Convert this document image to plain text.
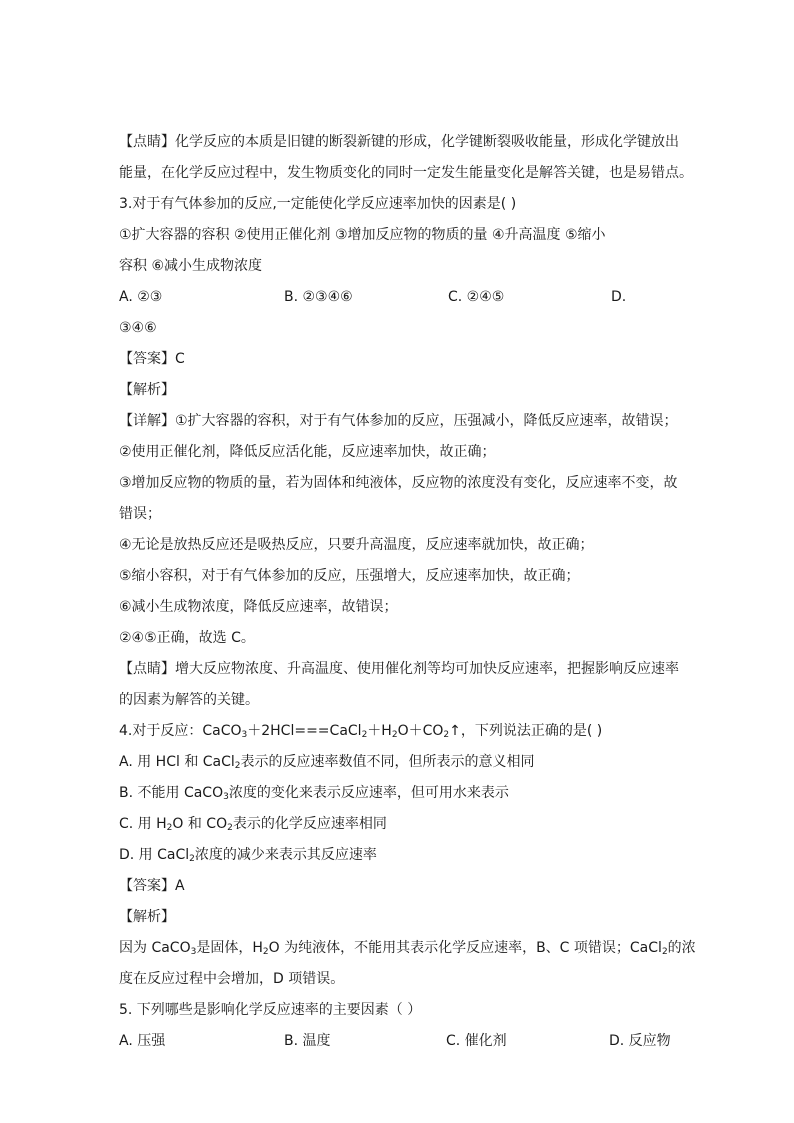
【点睛】化学反应的本质是旧键的断裂新键的形成，化学键断裂吸收能量，形成化学键放出
能量，在化学反应过程中，发生物质变化的同时一定发生能量变化是解答关键，也是易错点。
3.对于有气体参加的反应,一定能使化学反应速率加快的因素是( )
①扩大容器的容积 ②使用正催化剂 ③增加反应物的物质的量 ④升高温度 ⑤缩小
容积 ⑥减小生成物浓度
A. ②③	B. ②③④⑥	C. ②④⑤	D.
③④⑥
【答案】C
【解析】
【详解】①扩大容器的容积，对于有气体参加的反应，压强减小，降低反应速率，故错误；
②使用正催化剂，降低反应活化能，反应速率加快，故正确；
③增加反应物的物质的量，若为固体和纯液体，反应物的浓度没有变化，反应速率不变，故
错误；
④无论是放热反应还是吸热反应，只要升高温度，反应速率就加快，故正确；
⑤缩小容积，对于有气体参加的反应，压强增大，反应速率加快，故正确；
⑥减小生成物浓度，降低反应速率，故错误；
②④⑤正确，故选 C。
【点睛】增大反应物浓度、升高温度、使用催化剂等均可加快反应速率，把握影响反应速率
的因素为解答的关键。
4.对于反应：$CaCO_3+2HCl===CaCl_2+H_2O+CO_2↑$，下列说法正确的是( )
A. 用 HCl 和 CaCl$_2$表示的反应速率数值不同，但所表示的意义相同
B. 不能用 CaCO$_3$浓度的变化来表示反应速率，但可用水来表示
C. 用 $H_2O$ 和 $CO_2$表示的化学反应速率相同
D. 用 CaCl$_2$浓度的减少来表示其反应速率
【答案】A
【解析】
因为 CaCO$_3$是固体，$H_2O$ 为纯液体，不能用其表示化学反应速率，B、C 项错误；CaCl$_2$的浓
度在反应过程中会增加，D 项错误。
5. 下列哪些是影响化学反应速率的主要因素（ ）
A. 压强	B. 温度	C. 催化剂	D. 反应物
